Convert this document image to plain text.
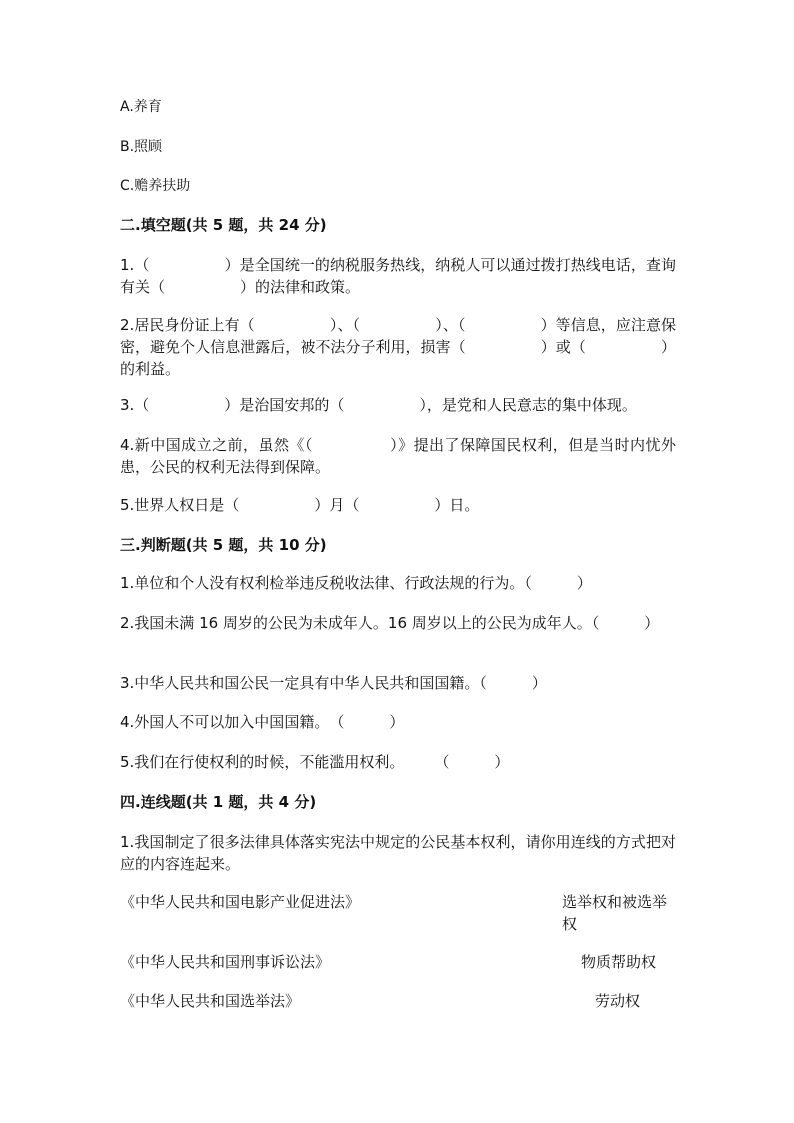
A.养育
B.照顾
C.赡养扶助
二.填空题(共 5 题，共 24 分)
1.（　　　　　）是全国统一的纳税服务热线，纳税人可以通过拨打热线电话，查询有关（　　　　　）的法律和政策。
2.居民身份证上有（　　　　　）、（　　　　　）、（　　　　　）等信息，应注意保密，避免个人信息泄露后，被不法分子利用，损害（　　　　　）或（　　　　　）的利益。
3.（　　　　　）是治国安邦的（　　　　　），是党和人民意志的集中体现。
4.新中国成立之前，虽然《（　　　　　）》提出了保障国民权利，但是当时内忧外患，公民的权利无法得到保障。
5.世界人权日是（　　　　　）月（　　　　　）日。
三.判断题(共 5 题，共 10 分)
1.单位和个人没有权利检举违反税收法律、行政法规的行为。（　　　）
2.我国未满 16 周岁的公民为未成年人。16 周岁以上的公民为成年人。（　　　）
3.中华人民共和国公民一定具有中华人民共和国国籍。（　　　）
4.外国人不可以加入中国国籍。　（　　　）
5.我们在行使权利的时候，不能滥用权利。　　　（　　　）
四.连线题(共 1 题，共 4 分)
1.我国制定了很多法律具体落实宪法中规定的公民基本权利，请你用连线的方式把对应的内容连起来。
选举权和被选举权
《中华人民共和国电影产业促进法》
《中华人民共和国刑事诉讼法》	物质帮助权
《中华人民共和国选举法》	劳动权
